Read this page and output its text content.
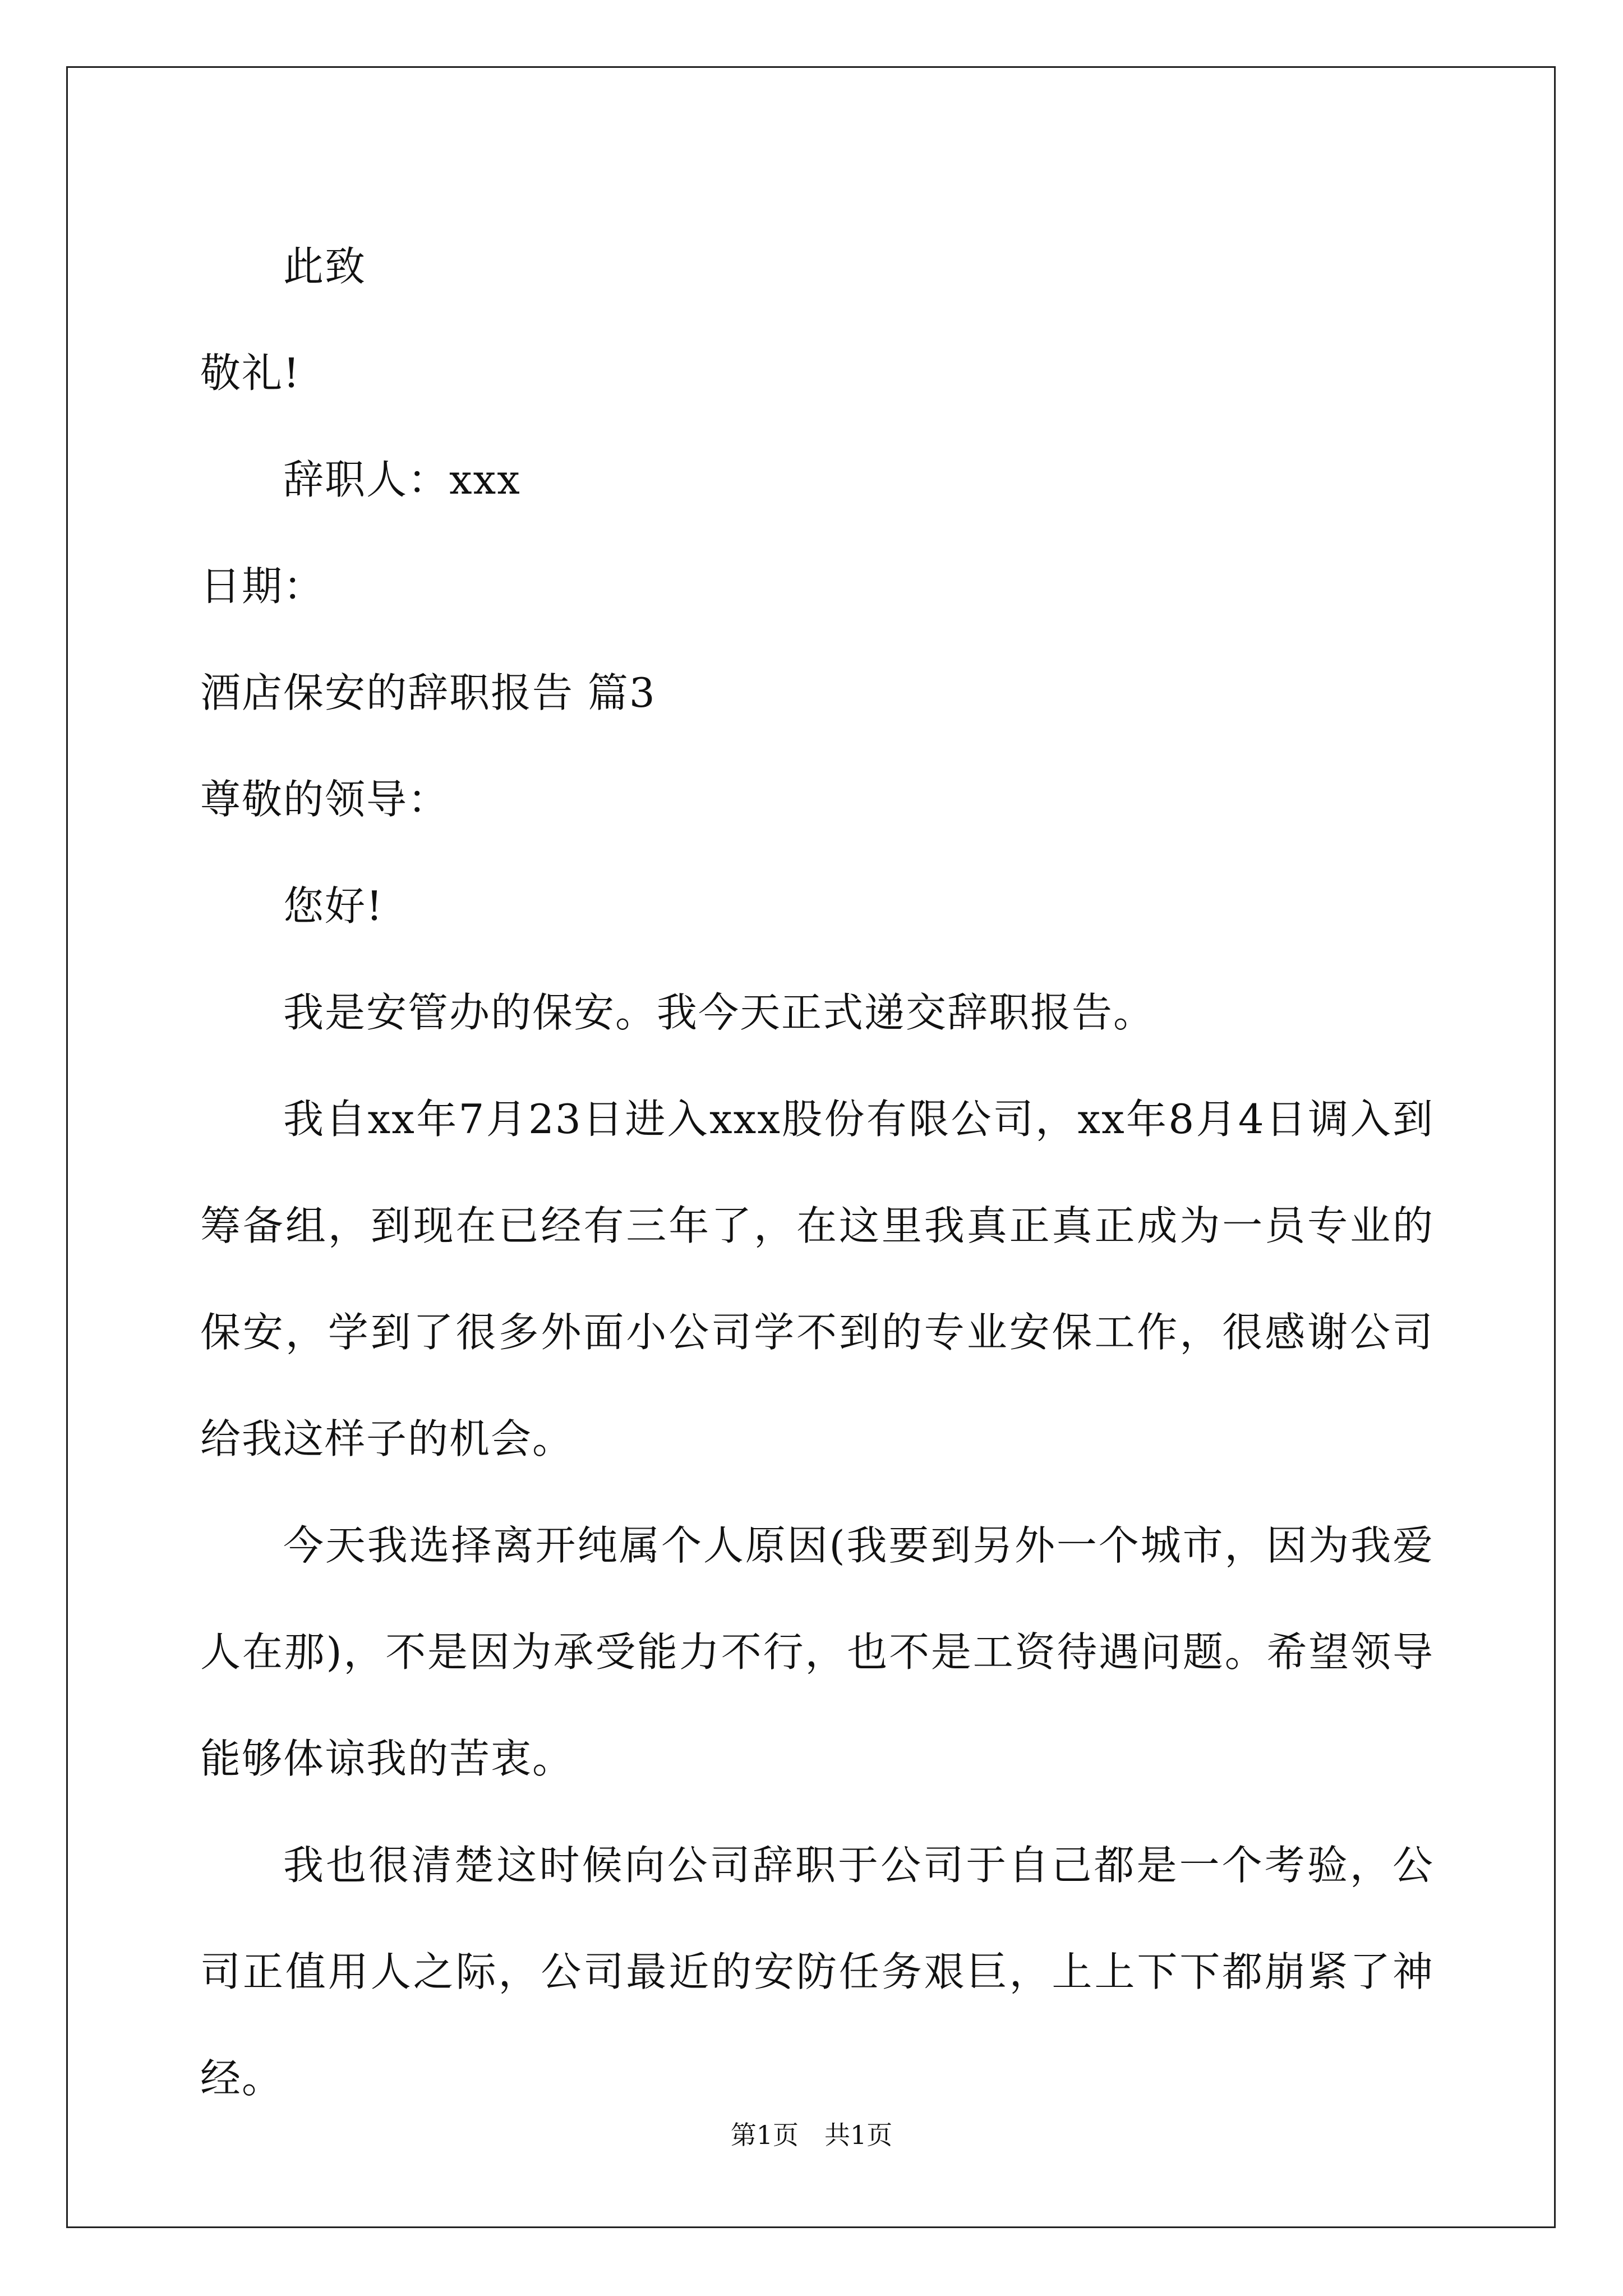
此致
敬礼!
辞职人：xxx
日期：
酒店保安的辞职报告 篇3
尊敬的领导：
您好!
我是安管办的保安。我今天正式递交辞职报告。
我自xx年7月23日进入xxx股份有限公司，xx年8月4日调入到筹备组，到现在已经有三年了，在这里我真正真正成为一员专业的保安，学到了很多外面小公司学不到的专业安保工作，很感谢公司给我这样子的机会。
今天我选择离开纯属个人原因(我要到另外一个城市，因为我爱人在那)，不是因为承受能力不行，也不是工资待遇问题。希望领导能够体谅我的苦衷。
我也很清楚这时候向公司辞职于公司于自己都是一个考验，公司正值用人之际，公司最近的安防任务艰巨，上上下下都崩紧了神经。
第1页　共1页
